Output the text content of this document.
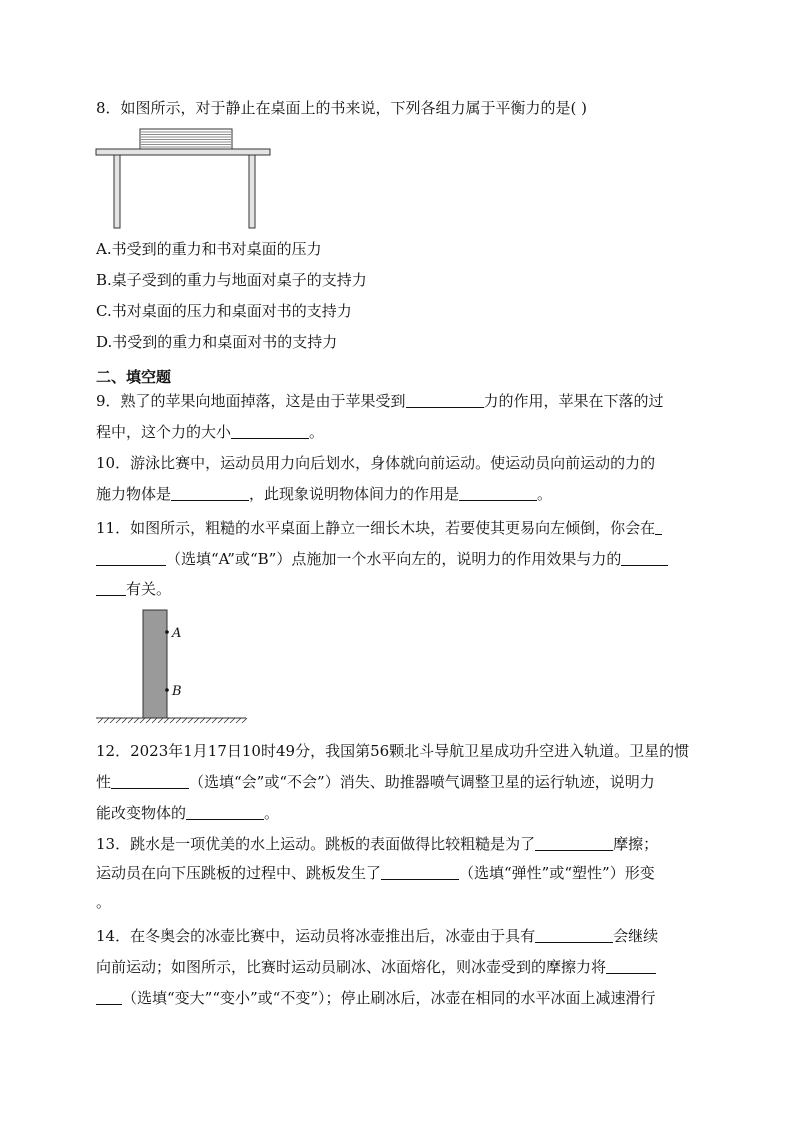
8．如图所示，对于静止在桌面上的书来说，下列各组力属于平衡力的是( )
A.书受到的重力和书对桌面的压力
B.桌子受到的重力与地面对桌子的支持力
C.书对桌面的压力和桌面对书的支持力
D.书受到的重力和桌面对书的支持力
二、填空题
9．熟了的苹果向地面掉落，这是由于苹果受到	力的作用，苹果在下落的过
程中，这个力的大小	。
10．游泳比赛中，运动员用力向后划水，身体就向前运动。使运动员向前运动的力的
施力物体是	，此现象说明物体间力的作用是	。
11．如图所示，粗糙的水平桌面上静立一细长木块，若要使其更易向左倾倒，你会在
（选填“A”或“B”）点施加一个水平向左的，说明力的作用效果与力的
有关。
A
B
12．2023年1月17日10时49分，我国第56颗北斗导航卫星成功升空进入轨道。卫星的惯
性	（选填“会”或“不会”）消失、助推器喷气调整卫星的运行轨迹，说明力
能改变物体的	。
13．跳水是一项优美的水上运动。跳板的表面做得比较粗糙是为了	摩擦；
运动员在向下压跳板的过程中、跳板发生了	（选填“弹性”或“塑性”）形变
。
14．在冬奥会的冰壶比赛中，运动员将冰壶推出后，冰壶由于具有	会继续
向前运动；如图所示，比赛时运动员刷冰、冰面熔化，则冰壶受到的摩擦力将
（选填“变大”“变小”或“不变”）；停止刷冰后，冰壶在相同的水平冰面上减速滑行
